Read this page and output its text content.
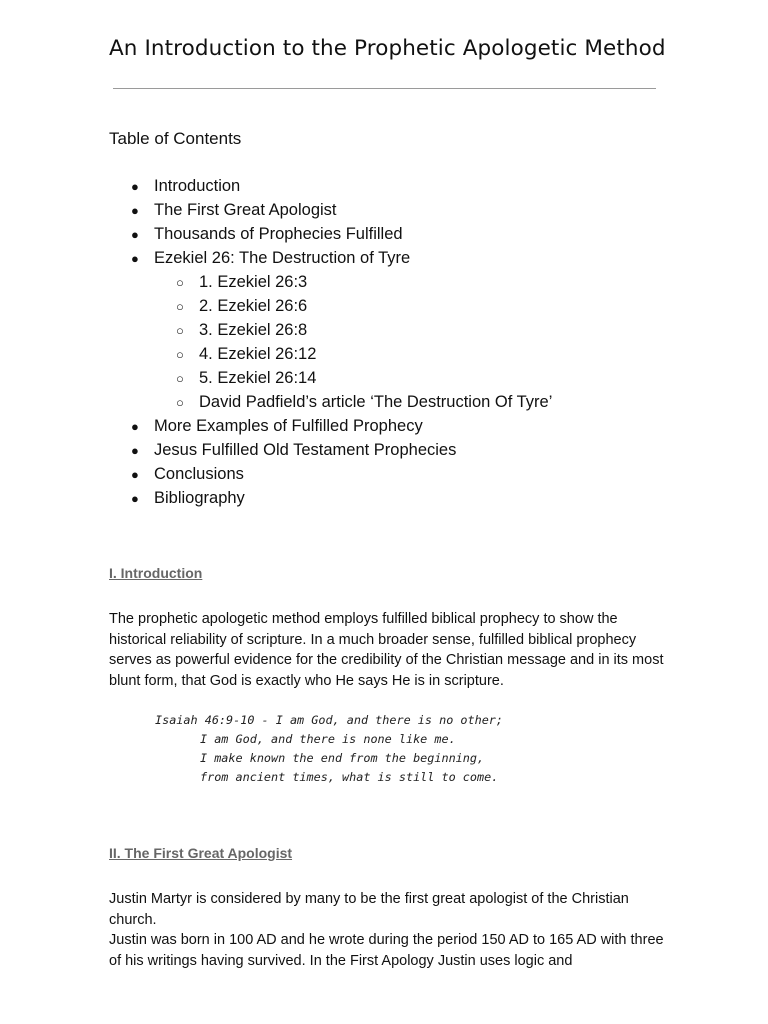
An Introduction to the Prophetic Apologetic Method
Table of Contents
● Introduction
● The First Great Apologist
● Thousands of Prophecies Fulfilled
● Ezekiel 26: The Destruction of Tyre
○ 1. Ezekiel 26:3
○ 2. Ezekiel 26:6
○ 3. Ezekiel 26:8
○ 4. Ezekiel 26:12
○ 5. Ezekiel 26:14
○ David Padfield’s article ‘The Destruction Of Tyre’
● More Examples of Fulfilled Prophecy
● Jesus Fulfilled Old Testament Prophecies
● Conclusions
● Bibliography
I. Introduction

The prophetic apologetic method employs fulfilled biblical prophecy to show the historical reliability of scripture. In a much broader sense, fulfilled biblical prophecy serves as powerful evidence for the credibility of the Christian message and in its most blunt form, that God is exactly who He says He is in scripture.

Isaiah 46:9-10 - I am God, and there is no other;
I am God, and there is none like me.
I make known the end from the beginning,
from ancient times, what is still to come.
II. The First Great Apologist

Justin Martyr is considered by many to be the first great apologist of the Christian church.

Justin was born in 100 AD and he wrote during the period 150 AD to 165 AD with three of his writings having survived. In the First Apology Justin uses logic and
